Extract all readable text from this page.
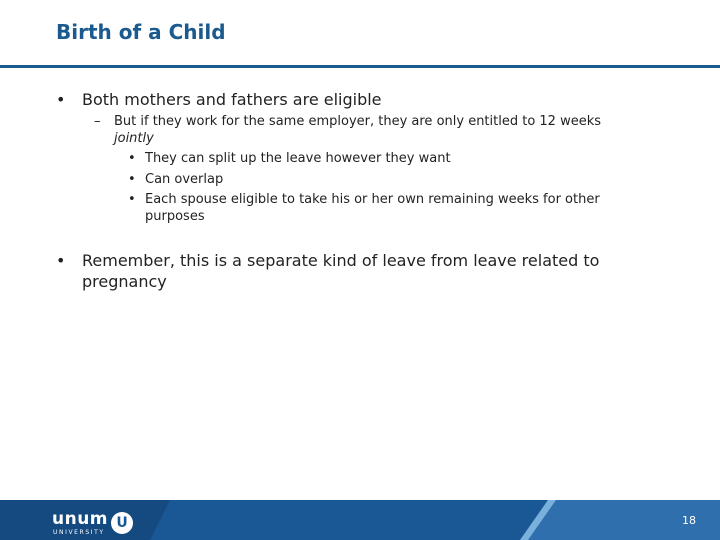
Birth of a Child
• Both mothers and fathers are eligible
– But if they work for the same employer, they are only entitled to 12 weeks jointly
• They can split up the leave however they want
• Can overlap
• Each spouse eligible to take his or her own remaining weeks for other purposes
• Remember, this is a separate kind of leave from leave related to pregnancy
unum
UNIVERSITY
U	18
